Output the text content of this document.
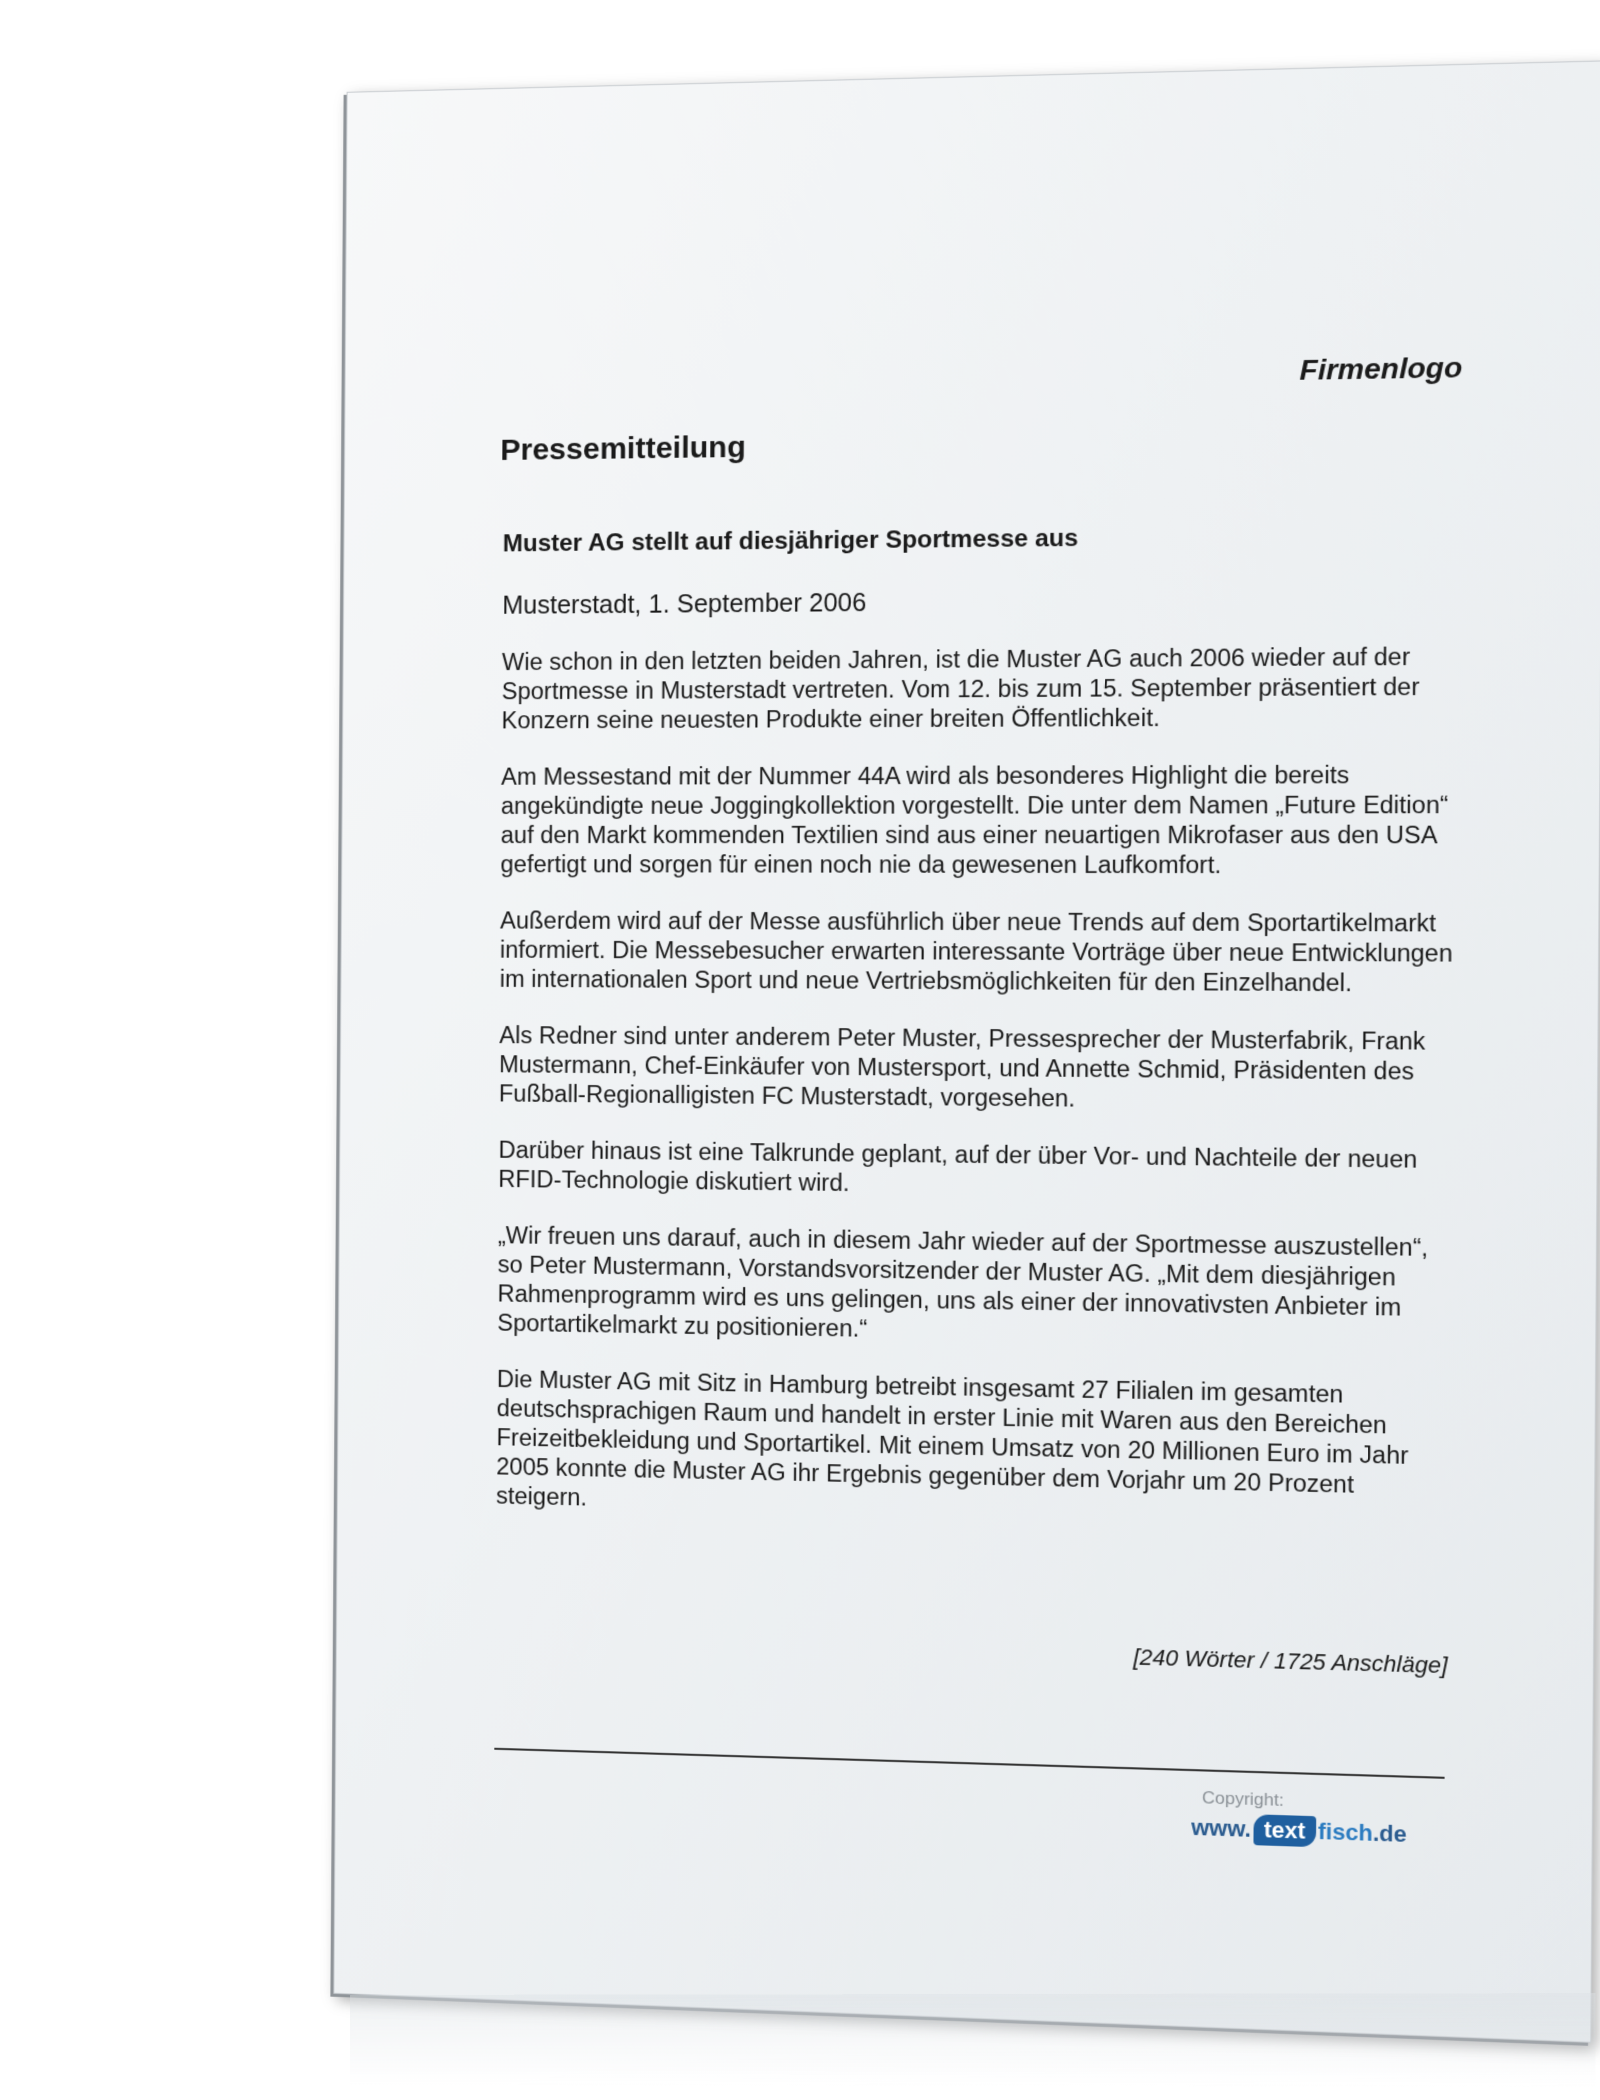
Firmenlogo
Pressemitteilung
Muster AG stellt auf diesjähriger Sportmesse aus

Musterstadt, 1. September 2006

Wie schon in den letzten beiden Jahren, ist die Muster AG auch 2006 wieder auf der Sportmesse in Musterstadt vertreten. Vom 12. bis zum 15. September präsentiert der Konzern seine neuesten Produkte einer breiten Öffentlichkeit.

Am Messestand mit der Nummer 44A wird als besonderes Highlight die bereits angekündigte neue Joggingkollektion vorgestellt. Die unter dem Namen „Future Edition“ auf den Markt kommenden Textilien sind aus einer neuartigen Mikrofaser aus den USA gefertigt und sorgen für einen noch nie da gewesenen Laufkomfort.

Außerdem wird auf der Messe ausführlich über neue Trends auf dem Sportartikelmarkt informiert. Die Messebesucher erwarten interessante Vorträge über neue Entwicklungen im internationalen Sport und neue Vertriebsmöglichkeiten für den Einzelhandel.

Als Redner sind unter anderem Peter Muster, Pressesprecher der Musterfabrik, Frank Mustermann, Chef-Einkäufer von Mustersport, und Annette Schmid, Präsidenten des Fußball-Regionalligisten FC Musterstadt, vorgesehen.

Darüber hinaus ist eine Talkrunde geplant, auf der über Vor- und Nachteile der neuen RFID-Technologie diskutiert wird.

„Wir freuen uns darauf, auch in diesem Jahr wieder auf der Sportmesse auszustellen“, so Peter Mustermann, Vorstandsvorsitzender der Muster AG. „Mit dem diesjährigen Rahmenprogramm wird es uns gelingen, uns als einer der innovativsten Anbieter im Sportartikelmarkt zu positionieren.“

Die Muster AG mit Sitz in Hamburg betreibt insgesamt 27 Filialen im gesamten deutschsprachigen Raum und handelt in erster Linie mit Waren aus den Bereichen Freizeitbekleidung und Sportartikel. Mit einem Umsatz von 20 Millionen Euro im Jahr 2005 konnte die Muster AG ihr Ergebnis gegenüber dem Vorjahr um 20 Prozent steigern.

[240 Wörter / 1725 Anschläge]
Copyright:
www. text fisch .de
